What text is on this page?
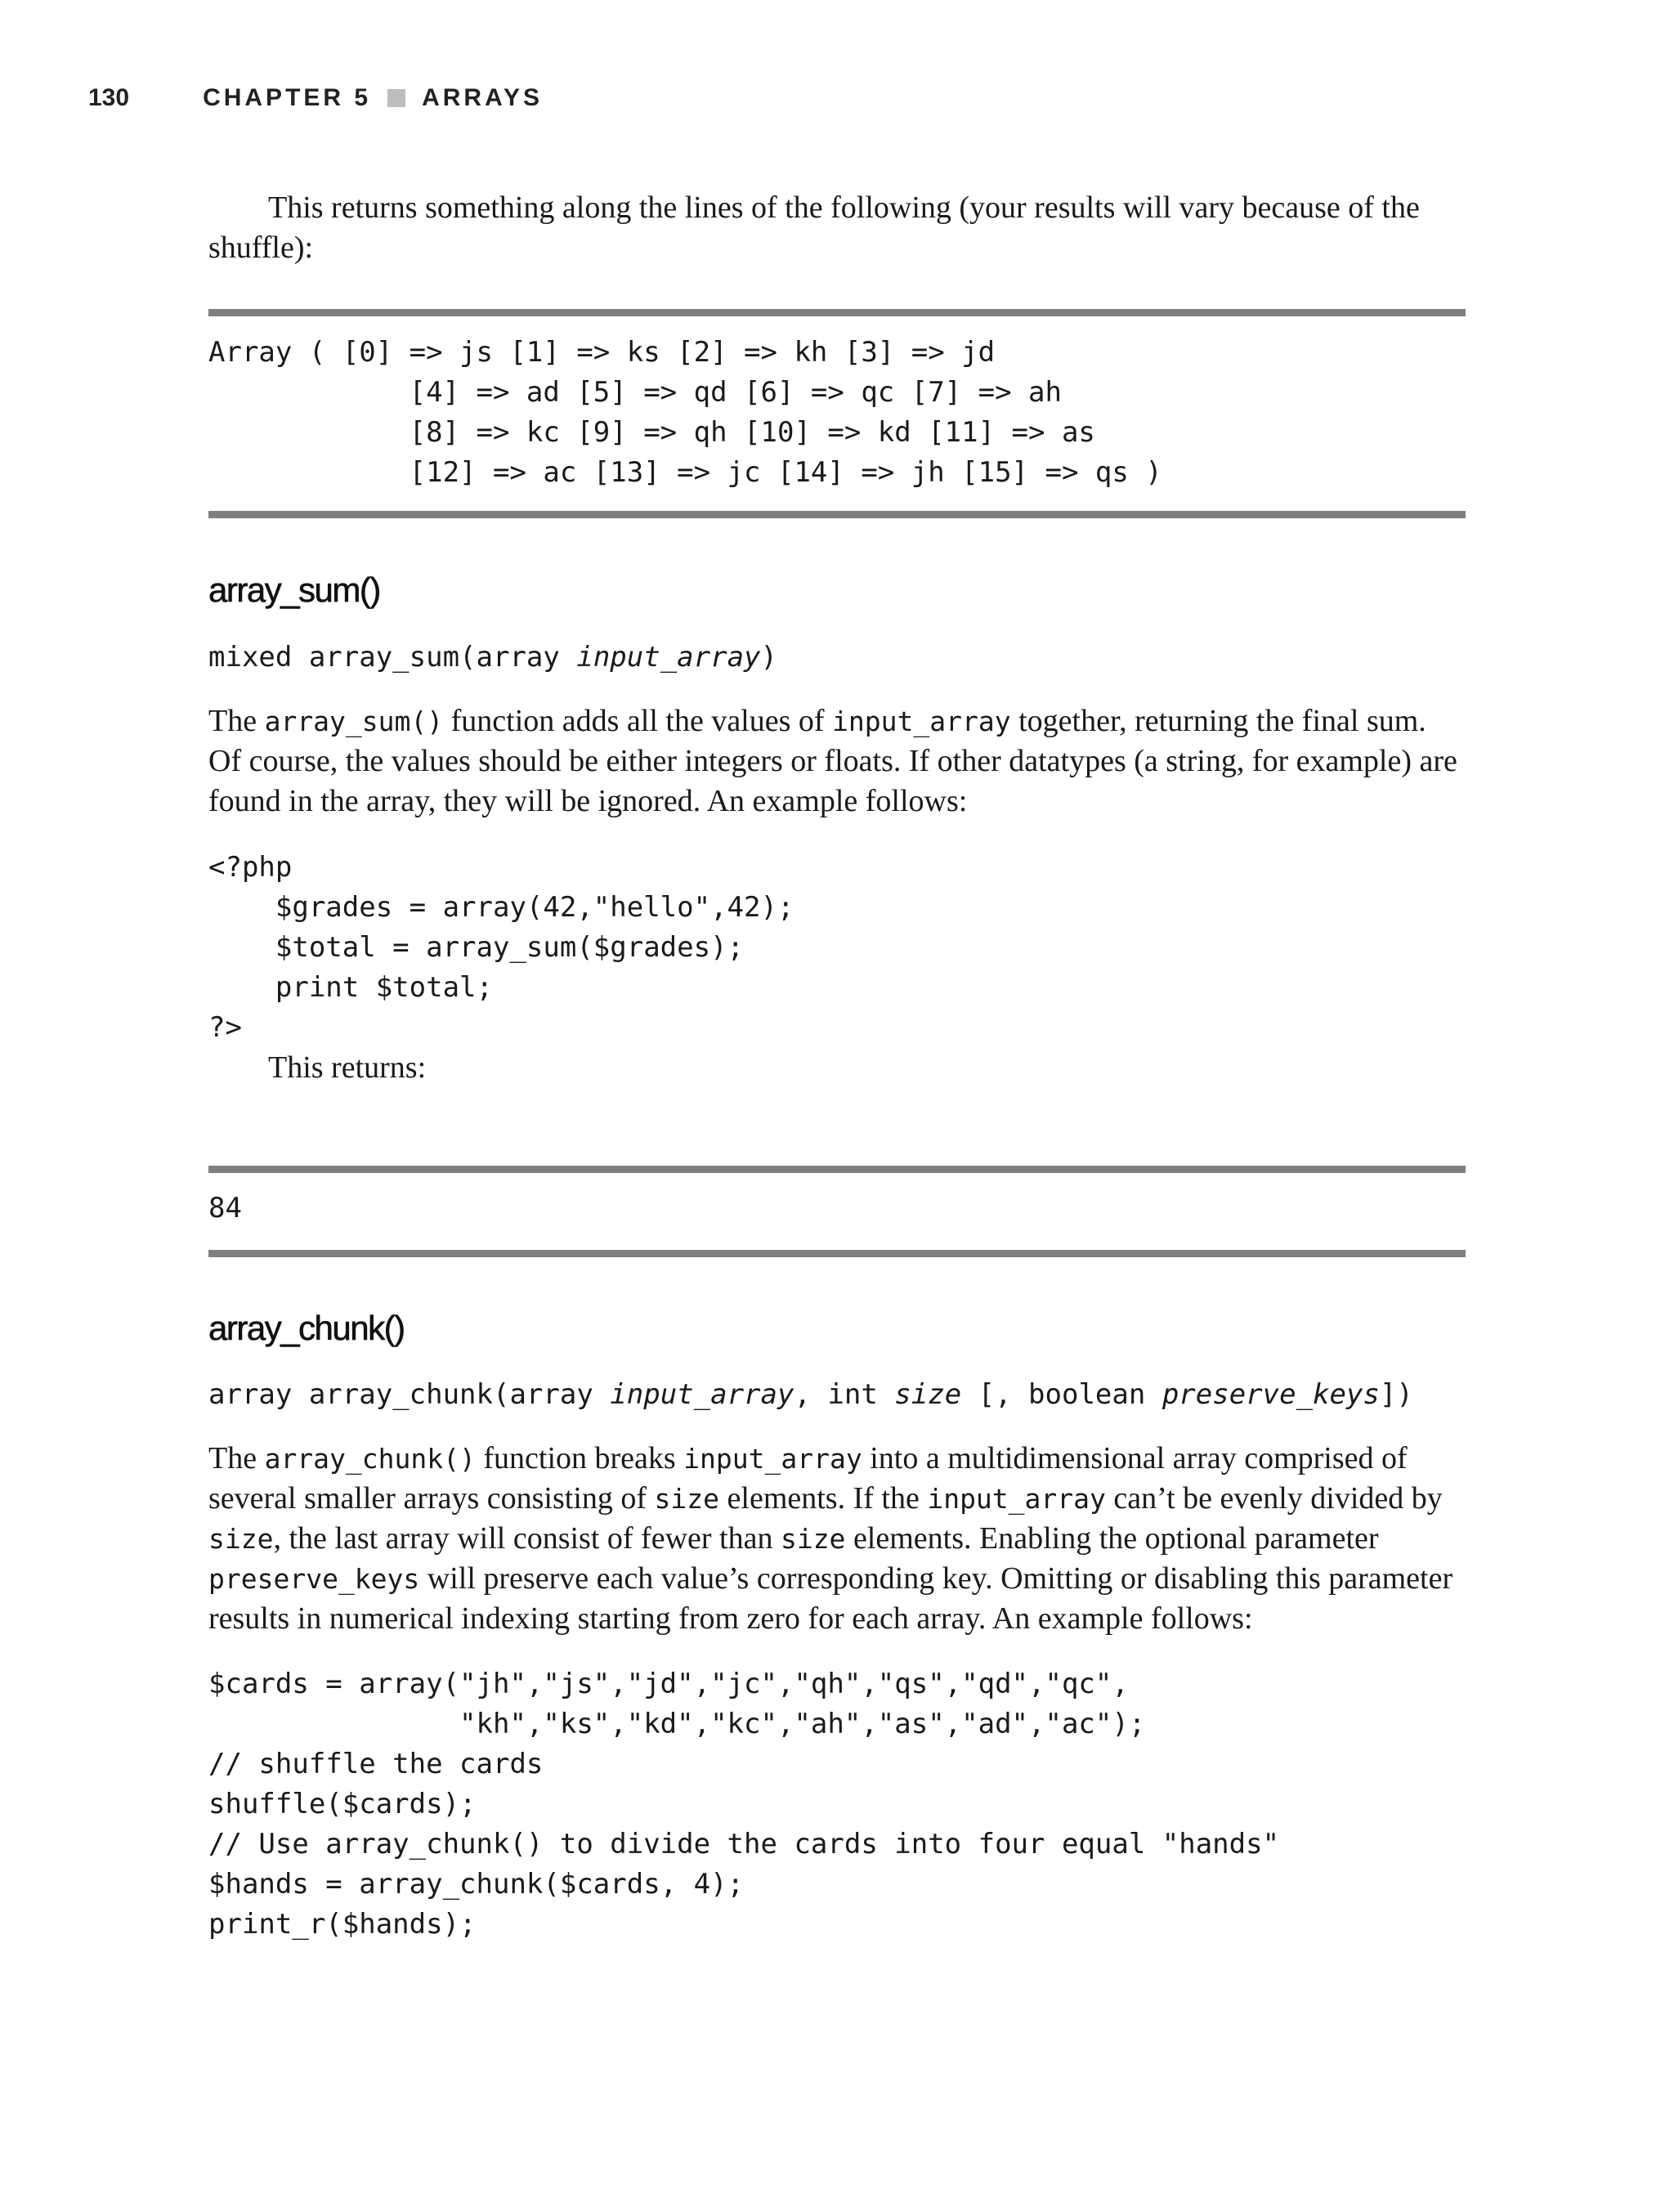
130	CHAPTER 5 ARRAYS

This returns something along the lines of the following (your results will vary because of the shuffle):

Array ( [0] => js [1] => ks [2] => kh [3] => jd
[4] => ad [5] => qd [6] => qc [7] => ah
[8] => kc [9] => qh [10] => kd [11] => as
[12] => ac [13] => jc [14] => jh [15] => qs )
array_sum()
mixed array_sum(array input_array)

The array_sum() function adds all the values of input_array together, returning the final sum. Of course, the values should be either integers or floats. If other datatypes (a string, for example) are found in the array, they will be ignored. An example follows:

<?php
$grades = array(42,"hello",42);
$total = array_sum($grades);
print $total;
?>

This returns:

84
array_chunk()
array array_chunk(array input_array, int size [, boolean preserve_keys])

The array_chunk() function breaks input_array into a multidimensional array comprised of several smaller arrays consisting of size elements. If the input_array can’t be evenly divided by size, the last array will consist of fewer than size elements. Enabling the optional parameter preserve_keys will preserve each value’s corresponding key. Omitting or disabling this parameter results in numerical indexing starting from zero for each array. An example follows:

$cards = array("jh","js","jd","jc","qh","qs","qd","qc",
"kh","ks","kd","kc","ah","as","ad","ac");
// shuffle the cards
shuffle($cards);
// Use array_chunk() to divide the cards into four equal "hands"
$hands = array_chunk($cards, 4);
print_r($hands);
